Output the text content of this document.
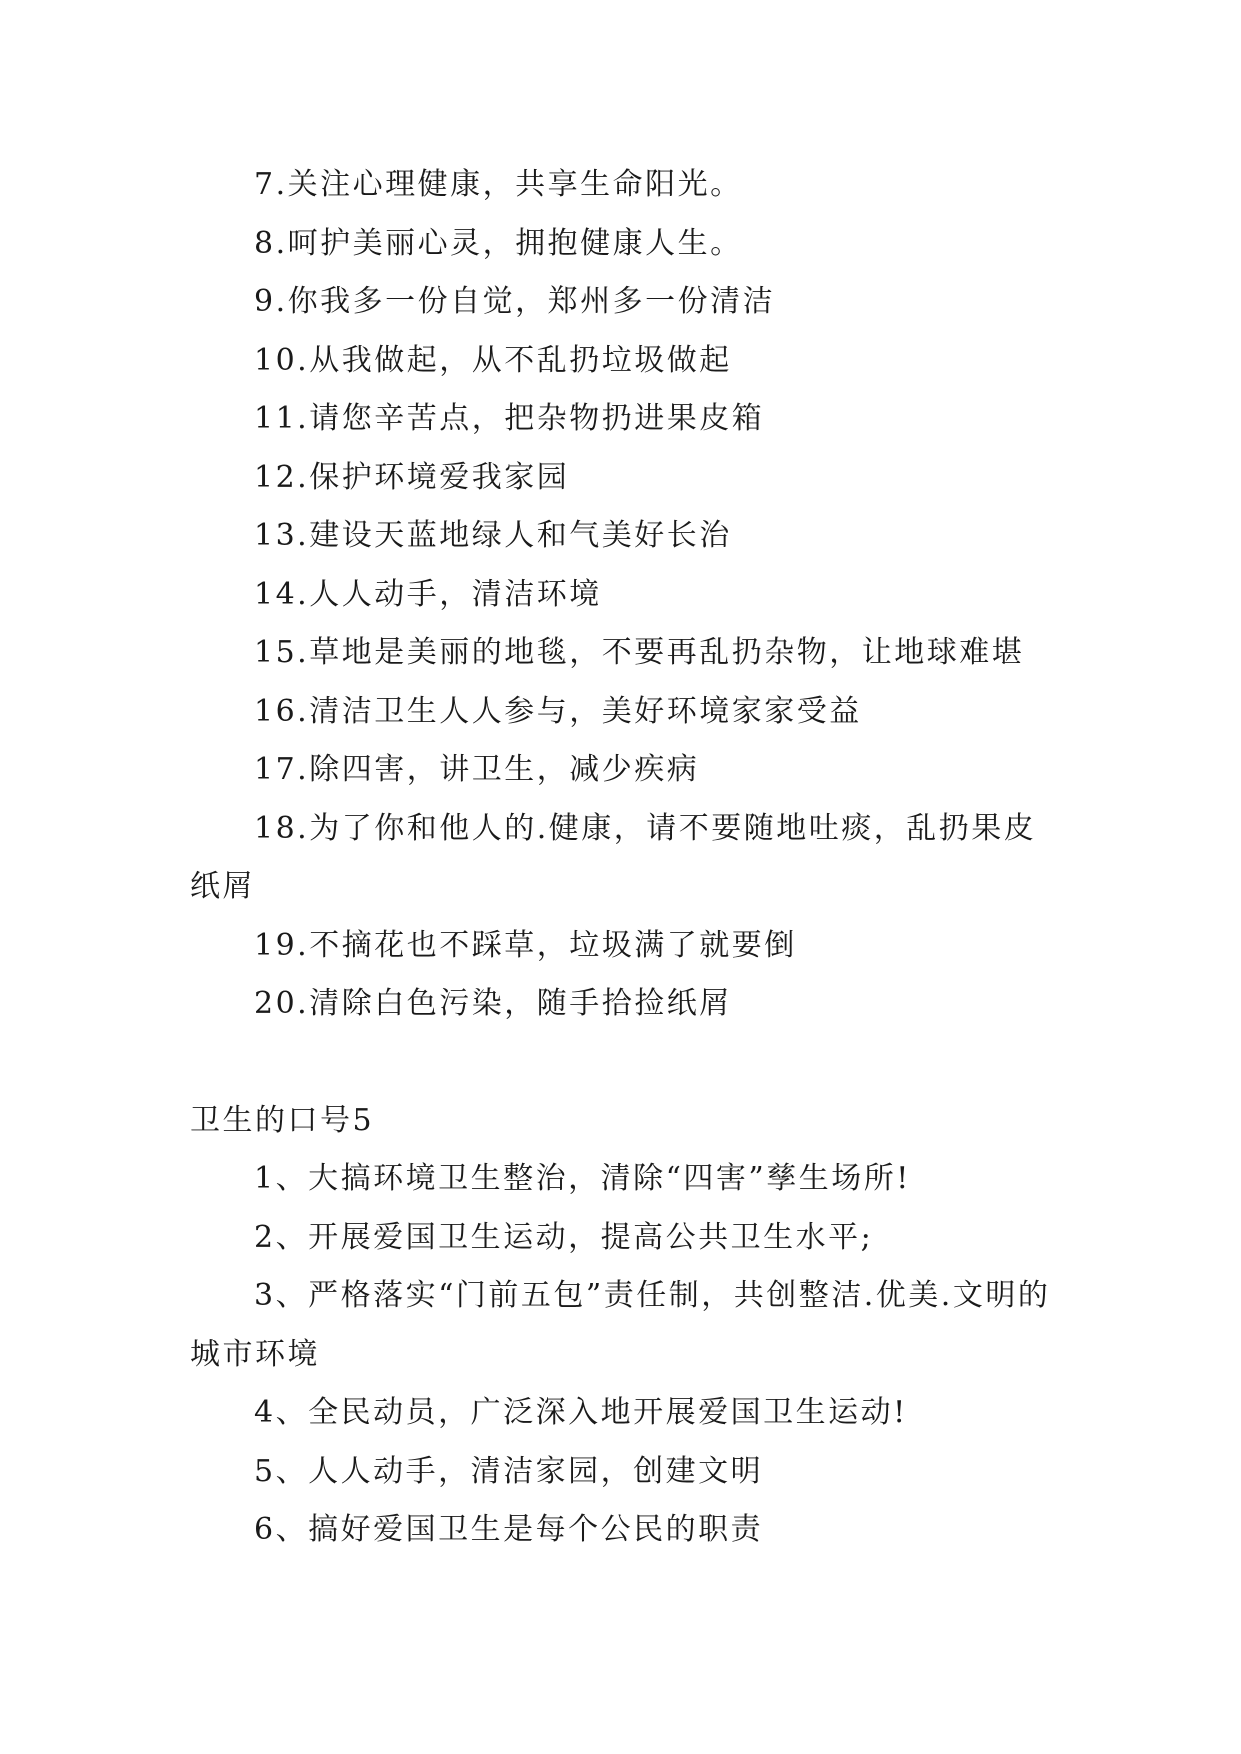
7.关注心理健康，共享生命阳光。

8.呵护美丽心灵，拥抱健康人生。

9.你我多一份自觉，郑州多一份清洁

10.从我做起，从不乱扔垃圾做起

11.请您辛苦点，把杂物扔进果皮箱

12.保护环境爱我家园

13.建设天蓝地绿人和气美好长治

14.人人动手，清洁环境

15.草地是美丽的地毯，不要再乱扔杂物，让地球难堪

16.清洁卫生人人参与，美好环境家家受益

17.除四害，讲卫生，减少疾病

18.为了你和他人的.健康，请不要随地吐痰，乱扔果皮纸屑

19.不摘花也不踩草，垃圾满了就要倒

20.清除白色污染，随手拾捡纸屑

卫生的口号5

1、大搞环境卫生整治，清除“四害”孳生场所!

2、开展爱国卫生运动，提高公共卫生水平;

3、严格落实“门前五包”责任制，共创整洁.优美.文明的城市环境

4、全民动员，广泛深入地开展爱国卫生运动!

5、人人动手，清洁家园，创建文明

6、搞好爱国卫生是每个公民的职责
